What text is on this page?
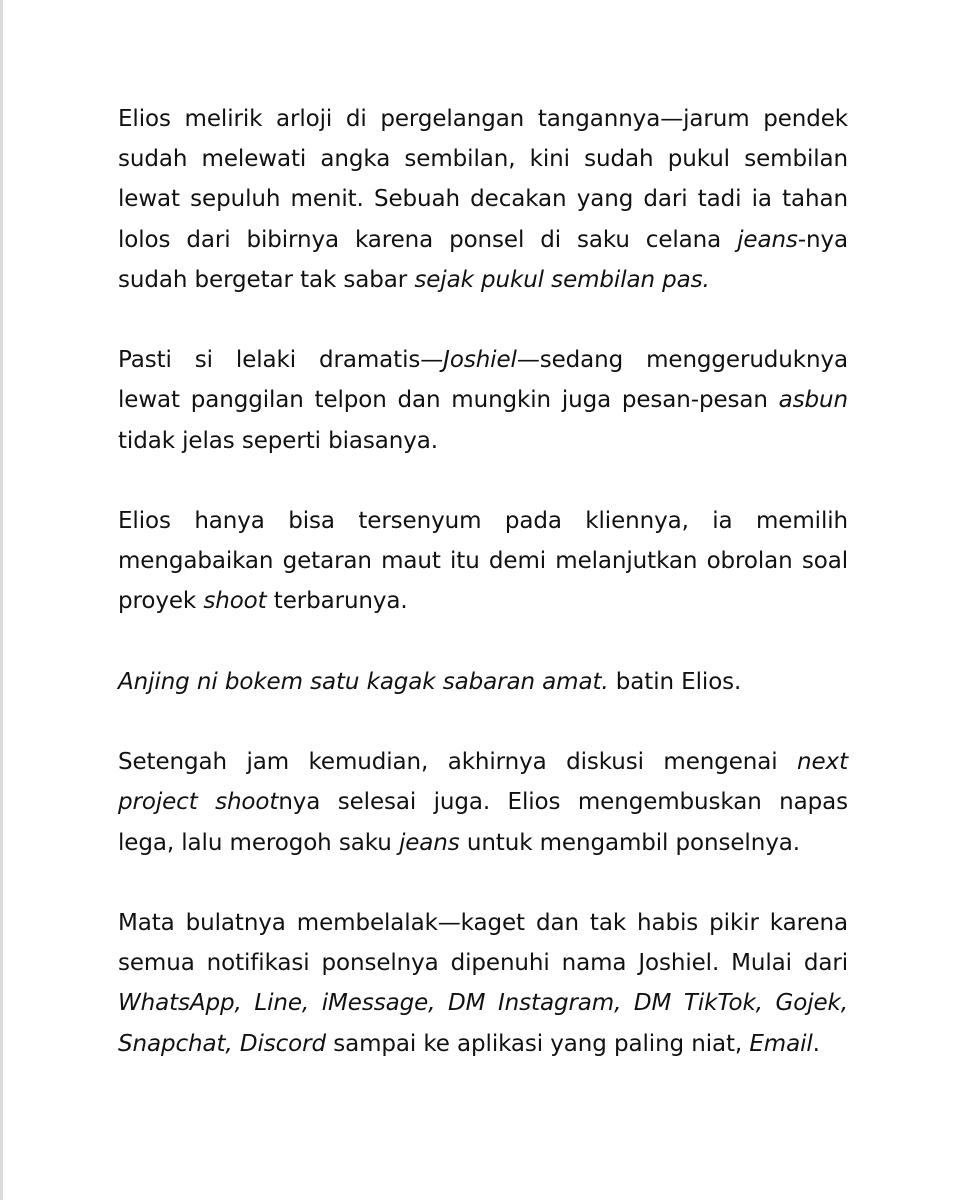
Elios melirik arloji di pergelangan tangannya—jarum pendek sudah melewati angka sembilan, kini sudah pukul sembilan lewat sepuluh menit. Sebuah decakan yang dari tadi ia tahan lolos dari bibirnya karena ponsel di saku celana jeans-nya sudah bergetar tak sabar sejak pukul sembilan pas.

Pasti si lelaki dramatis—Joshiel—sedang menggeruduknya lewat panggilan telpon dan mungkin juga pesan-pesan asbun tidak jelas seperti biasanya.

Elios hanya bisa tersenyum pada kliennya, ia memilih mengabaikan getaran maut itu demi melanjutkan obrolan soal proyek shoot terbarunya.

Anjing ni bokem satu kagak sabaran amat. batin Elios.

Setengah jam kemudian, akhirnya diskusi mengenai next project shootnya selesai juga. Elios mengembuskan napas lega, lalu merogoh saku jeans untuk mengambil ponselnya.

Mata bulatnya membelalak—kaget dan tak habis pikir karena semua notifikasi ponselnya dipenuhi nama Joshiel. Mulai dari WhatsApp, Line, iMessage, DM Instagram, DM TikTok, Gojek, Snapchat, Discord sampai ke aplikasi yang paling niat, Email.
